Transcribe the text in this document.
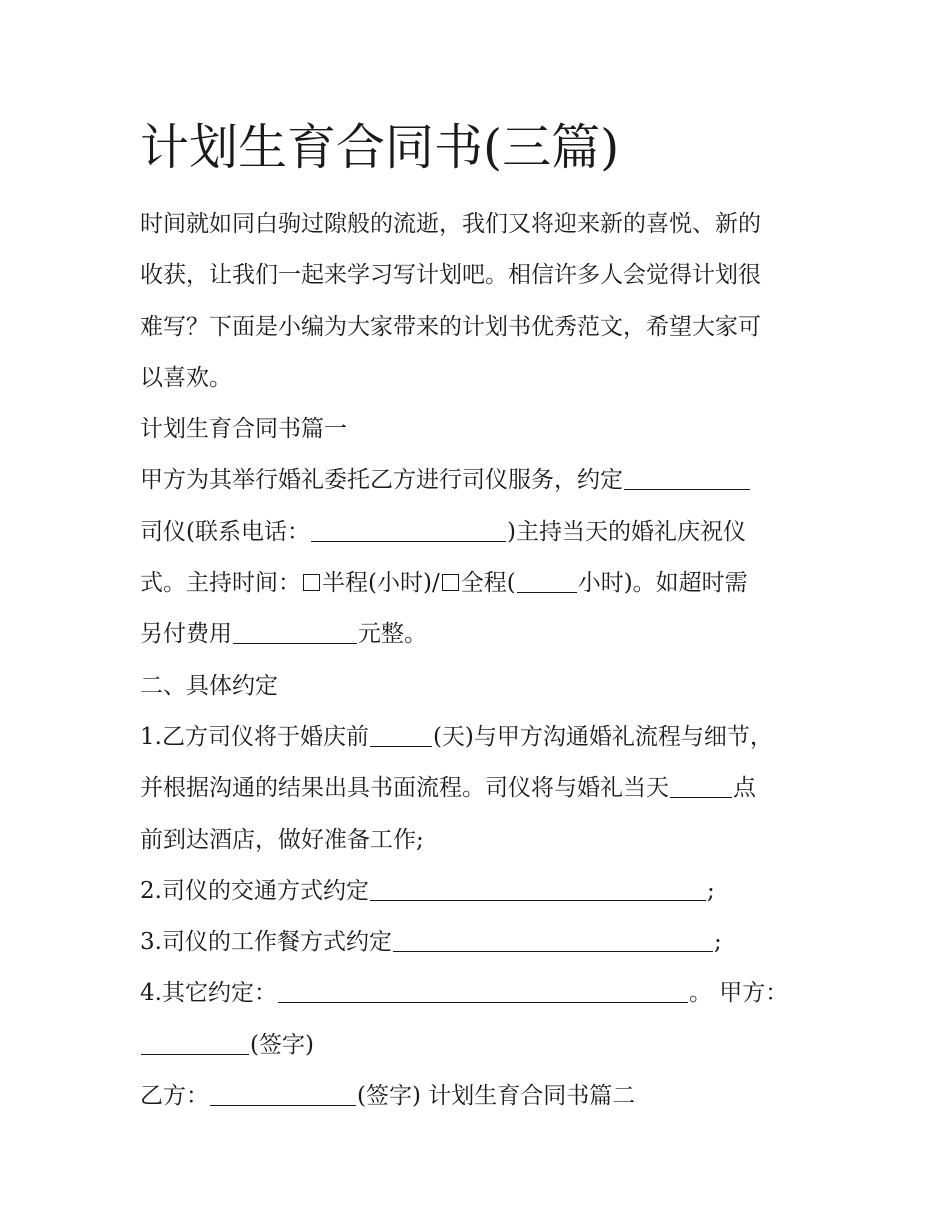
计划生育合同书(三篇)
时间就如同白驹过隙般的流逝，我们又将迎来新的喜悦、新的
收获，让我们一起来学习写计划吧。相信许多人会觉得计划很
难写？下面是小编为大家带来的计划书优秀范文，希望大家可
以喜欢。
计划生育合同书篇一
甲方为其举行婚礼委托乙方进行司仪服务，约定
司仪(联系电话：	)主持当天的婚礼庆祝仪
式。主持时间： 半程(小时)/ 全程(	小时)。如超时需
另付费用	元整。
二、具体约定
1.乙方司仪将于婚庆前	(天)与甲方沟通婚礼流程与细节，
并根据沟通的结果出具书面流程。司仪将与婚礼当天	点
前到达酒店，做好准备工作;
2.司仪的交通方式约定	;
3.司仪的工作餐方式约定	;
4.其它约定：	。 甲方：
(签字)
乙方：	(签字) 计划生育合同书篇二
